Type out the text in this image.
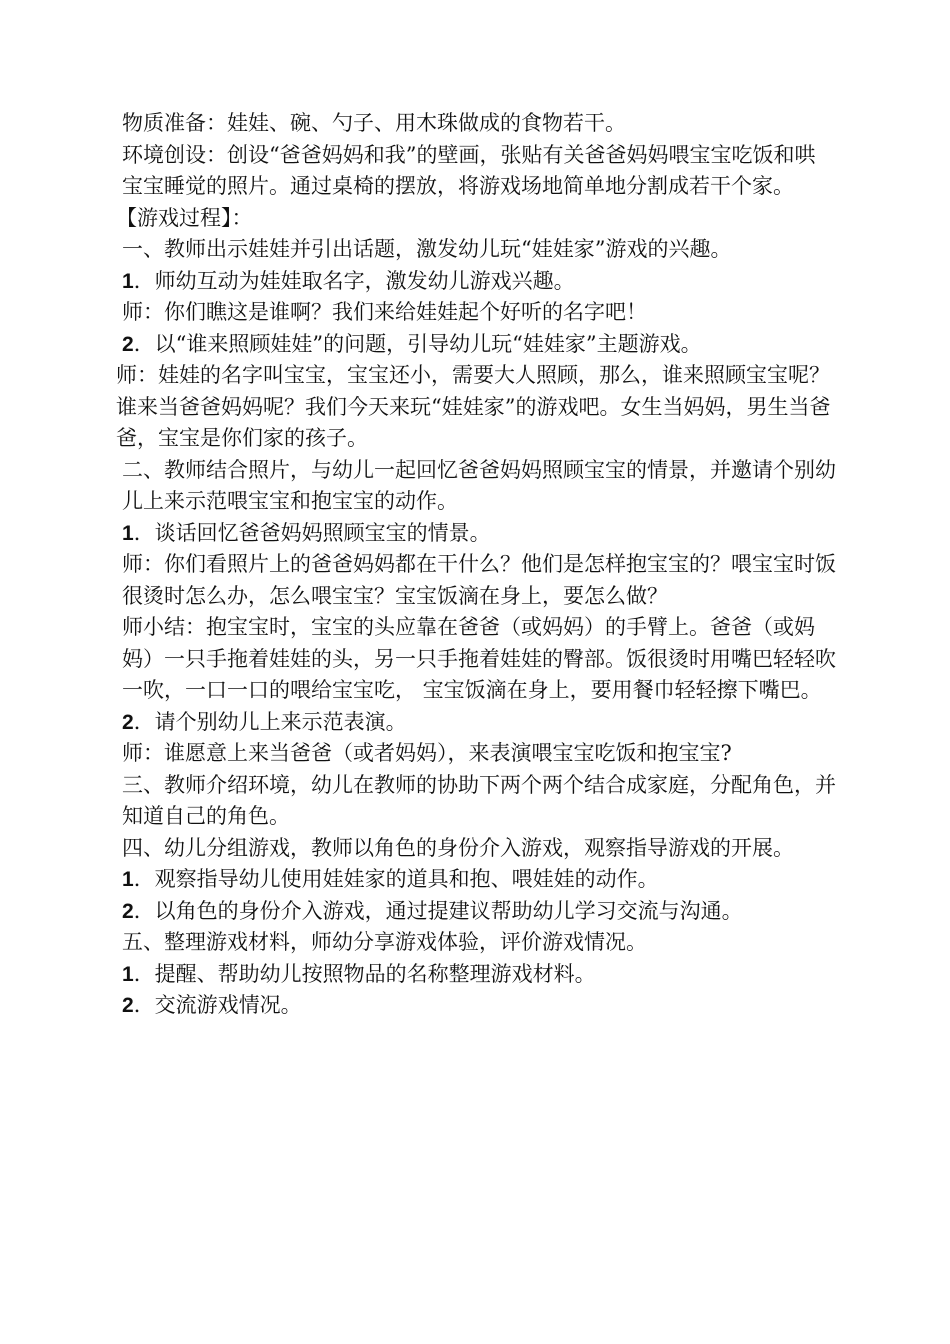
物质准备：娃娃、碗、勺子、用木珠做成的食物若干。

环境创设：创设“爸爸妈妈和我”的壁画，张贴有关爸爸妈妈喂宝宝吃饭和哄宝宝睡觉的照片。通过桌椅的摆放，将游戏场地简单地分割成若干个家。

【游戏过程】：

一、教师出示娃娃并引出话题，激发幼儿玩“娃娃家”游戏的兴趣。

1．师幼互动为娃娃取名字，激发幼儿游戏兴趣。

师：你们瞧这是谁啊？我们来给娃娃起个好听的名字吧！

2．以“谁来照顾娃娃”的问题，引导幼儿玩“娃娃家”主题游戏。

师：娃娃的名字叫宝宝，宝宝还小，需要大人照顾，那么，谁来照顾宝宝呢？谁来当爸爸妈妈呢？我们今天来玩“娃娃家”的游戏吧。女生当妈妈，男生当爸爸，宝宝是你们家的孩子。

二、教师结合照片，与幼儿一起回忆爸爸妈妈照顾宝宝的情景，并邀请个别幼儿上来示范喂宝宝和抱宝宝的动作。

1．谈话回忆爸爸妈妈照顾宝宝的情景。

师：你们看照片上的爸爸妈妈都在干什么？他们是怎样抱宝宝的？喂宝宝时饭很烫时怎么办，怎么喂宝宝？宝宝饭滴在身上，要怎么做？

师小结：抱宝宝时，宝宝的头应靠在爸爸（或妈妈）的手臂上。爸爸（或妈妈）一只手拖着娃娃的头，另一只手拖着娃娃的臀部。饭很烫时用嘴巴轻轻吹一吹，一口一口的喂给宝宝吃， 宝宝饭滴在身上，要用餐巾轻轻擦下嘴巴。

2．请个别幼儿上来示范表演。

师：谁愿意上来当爸爸（或者妈妈），来表演喂宝宝吃饭和抱宝宝?

三、教师介绍环境，幼儿在教师的协助下两个两个结合成家庭，分配角色，并知道自己的角色。

四、幼儿分组游戏，教师以角色的身份介入游戏，观察指导游戏的开展。

1．观察指导幼儿使用娃娃家的道具和抱、喂娃娃的动作。

2．以角色的身份介入游戏，通过提建议帮助幼儿学习交流与沟通。

五、整理游戏材料，师幼分享游戏体验，评价游戏情况。

1．提醒、帮助幼儿按照物品的名称整理游戏材料。

2．交流游戏情况。
